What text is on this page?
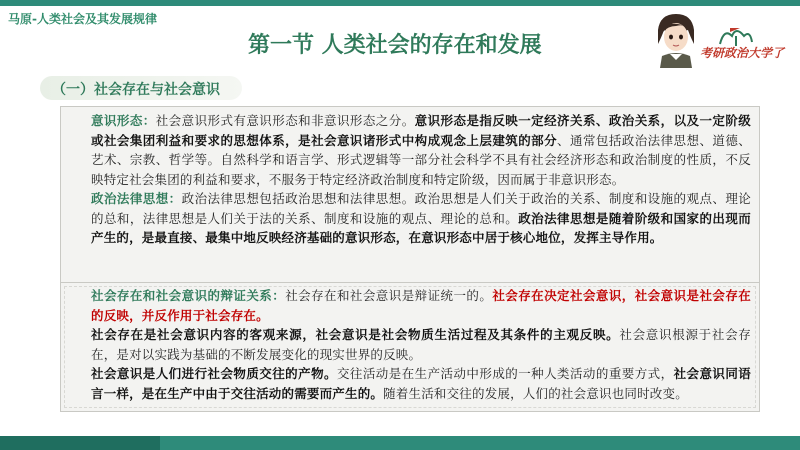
马原-人类社会及其发展规律
第一节 人类社会的存在和发展	考研政治大学了
（一）社会存在与社会意识

意识形态：社会意识形式有意识形态和非意识形态之分。意识形态是指反映一定经济关系、政治关系，以及一定阶级或社会集团利益和要求的思想体系，是社会意识诸形式中构成观念上层建筑的部分、通常包括政治法律思想、道德、艺术、宗教、哲学等。自然科学和语言学、形式逻辑等一部分社会科学不具有社会经济形态和政治制度的性质，不反映特定社会集团的利益和要求，不服务于特定经济政治制度和特定阶级，因而属于非意识形态。

政治法律思想：政治法律思想包括政治思想和法律思想。政治思想是人们关于政治的关系、制度和设施的观点、理论的总和，法律思想是人们关于法的关系、制度和设施的观点、理论的总和。政治法律思想是随着阶级和国家的出现而产生的，是最直接、最集中地反映经济基础的意识形态，在意识形态中居于核心地位，发挥主导作用。

社会存在和社会意识的辩证关系：社会存在和社会意识是辩证统一的。社会存在决定社会意识，社会意识是社会存在的反映，并反作用于社会存在。

社会存在是社会意识内容的客观来源，社会意识是社会物质生活过程及其条件的主观反映。社会意识根源于社会存在，是对以实践为基础的不断发展变化的现实世界的反映。

社会意识是人们进行社会物质交往的产物。交往活动是在生产活动中形成的一种人类活动的重要方式，社会意识同语言一样，是在生产中由于交往活动的需要而产生的。随着生活和交往的发展，人们的社会意识也同时改变。
